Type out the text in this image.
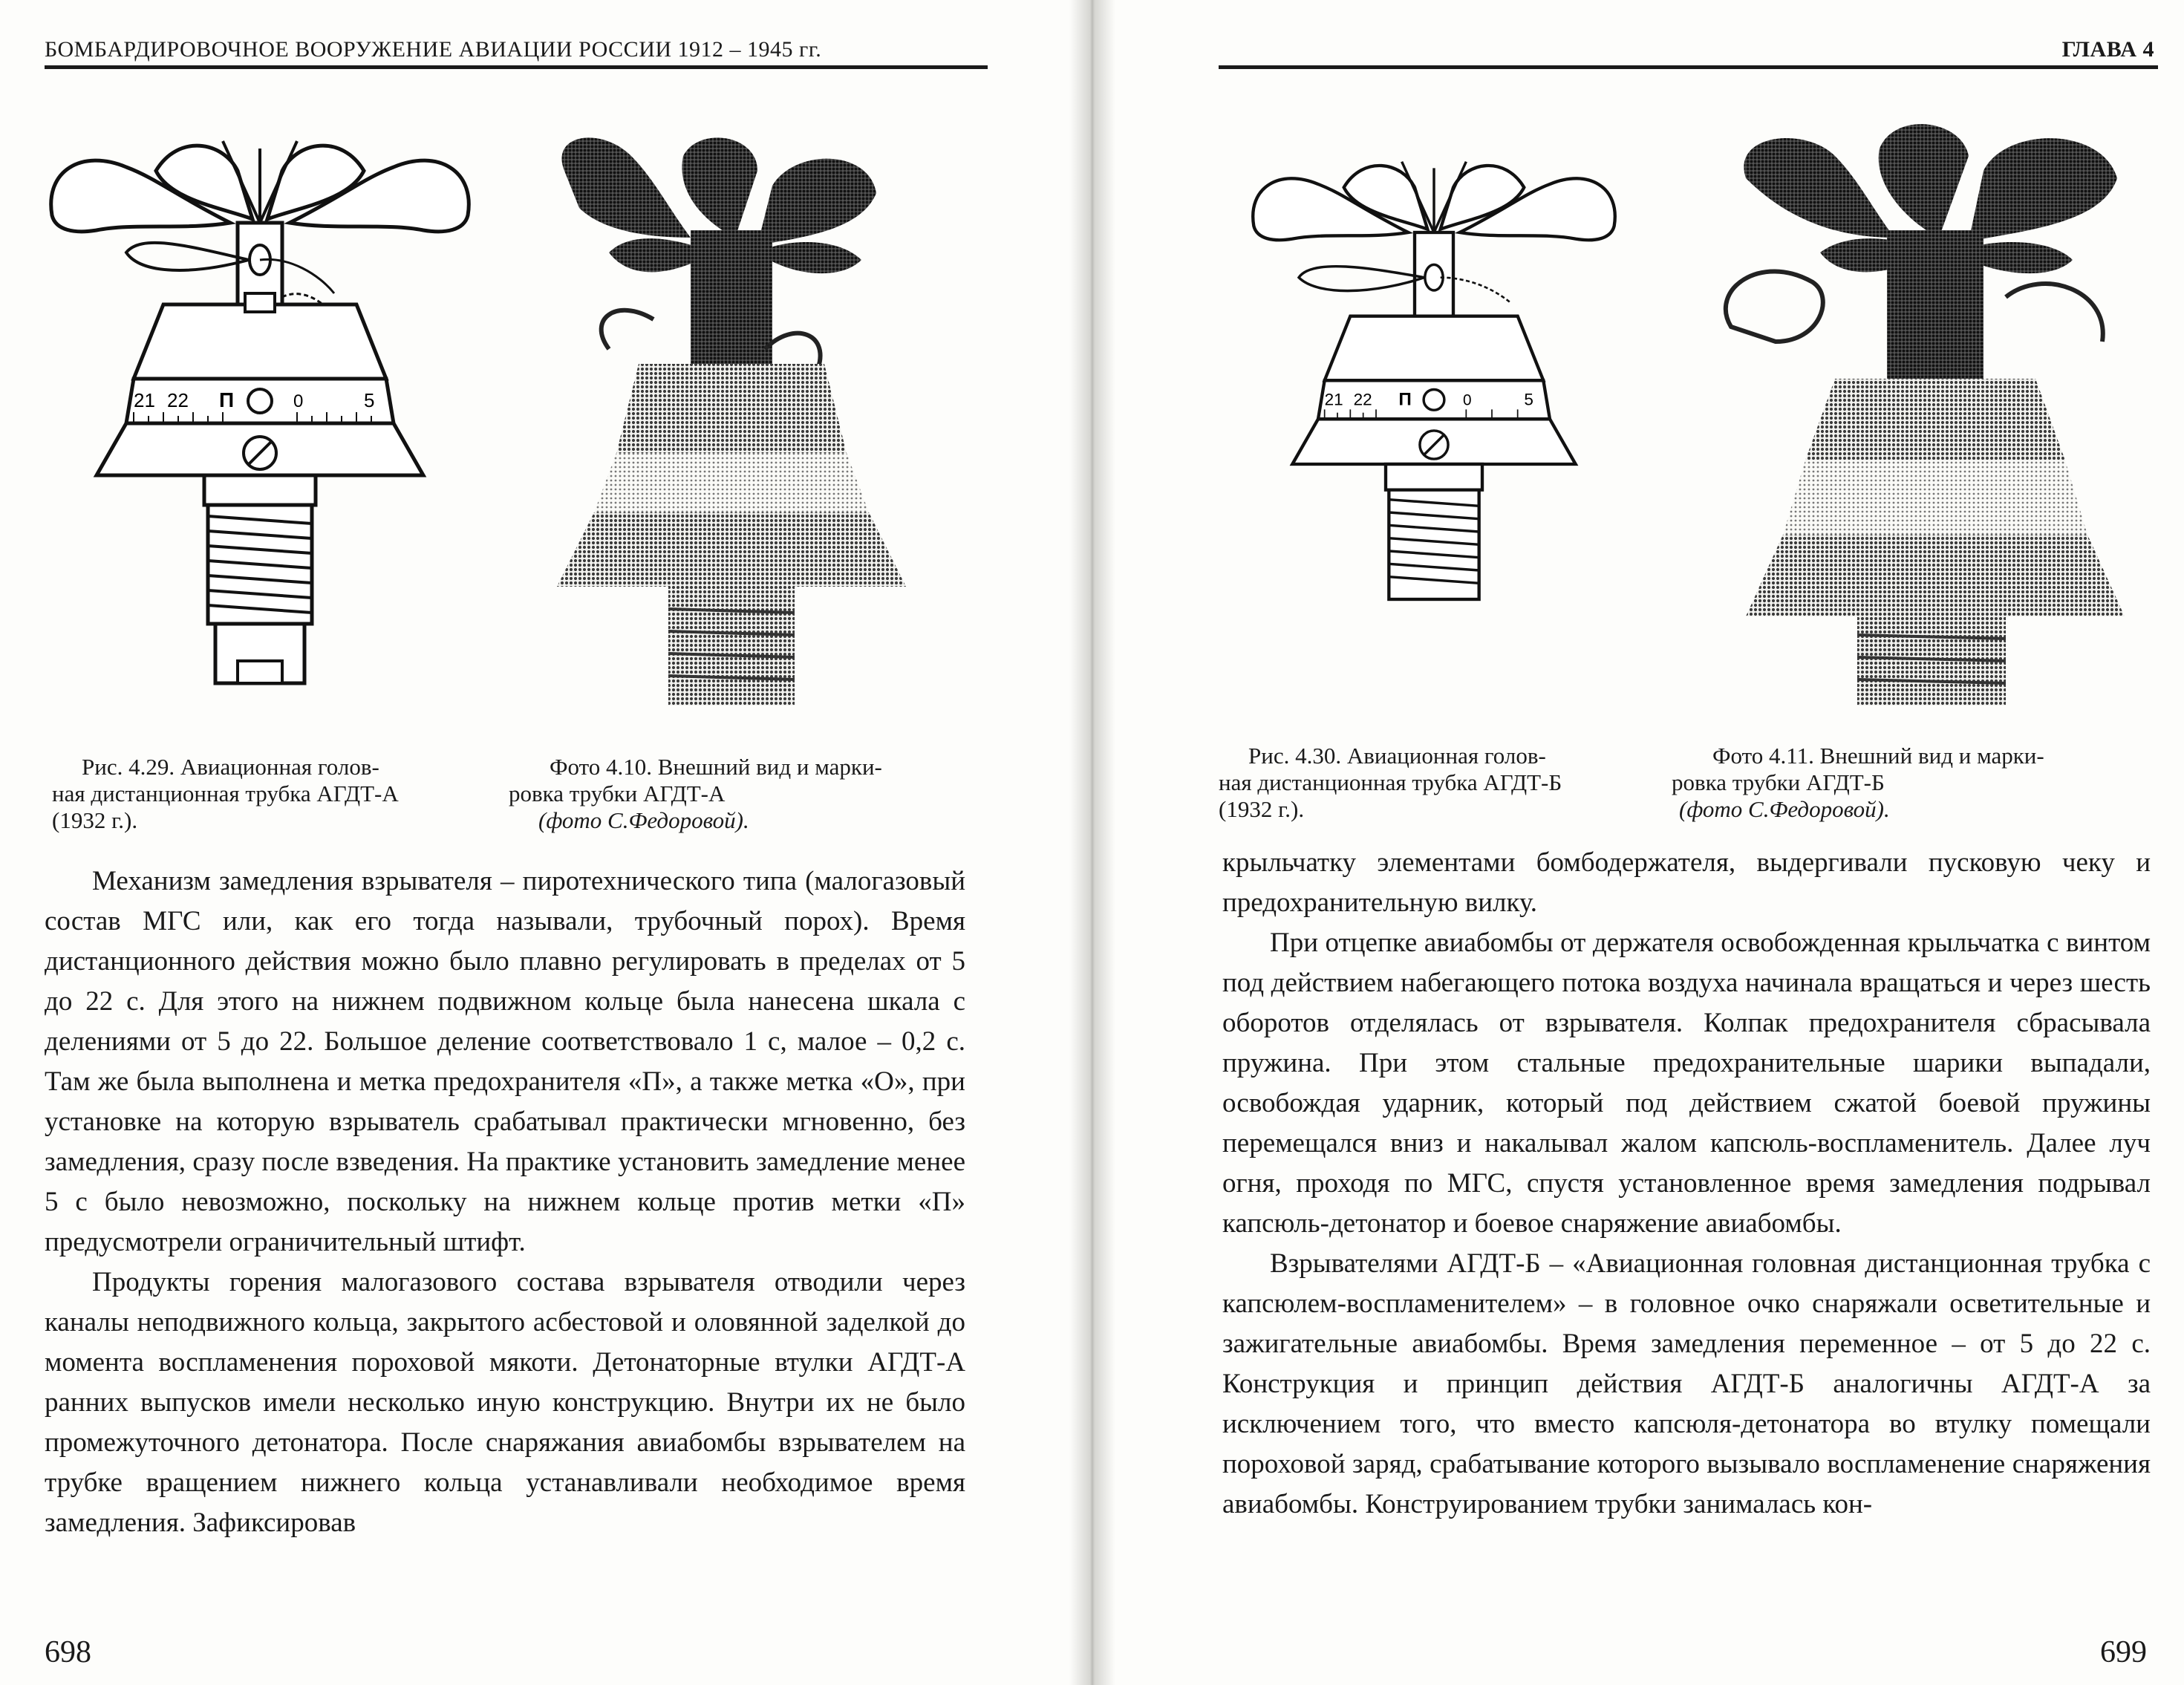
БОМБАРДИРОВОЧНОЕ ВООРУЖЕНИЕ АВИАЦИИ РОССИИ 1912 – 1945 гг.
21 22 П	0	5
Рис. 4.29. Авиационная голов-
ная дистанционная трубка АГДТ-А
(1932 г.).
Фото 4.10. Внешний вид и марки-
ровка трубки АГДТ-А
(фото С.Федоровой).

Механизм замедления взрывателя – пиротехнического типа (малогазовый состав МГС или, как его тогда называли, трубочный порох). Время дистанционного действия можно было плавно регулировать в пределах от 5 до 22 с. Для этого на нижнем подвижном кольце была нанесена шкала с делениями от 5 до 22. Большое деление соответствовало 1 с, малое – 0,2 с. Там же была выполнена и метка предохранителя «П», а также метка «О», при установке на которую взрыватель срабатывал практически мгновенно, без замедления, сразу после взведения. На практике установить замедление менее 5 с было невозможно, поскольку на нижнем кольце против метки «П» предусмотрели ограничительный штифт.

Продукты горения малогазового состава взрывателя отводили через каналы неподвижного кольца, закрытого асбестовой и оловянной заделкой до момента воспламенения пороховой мякоти. Детонаторные втулки АГДТ-А ранних выпусков имели несколько иную конструкцию. Внутри их не было промежуточного детонатора. После снаряжания авиабомбы взрывателем на трубке вращением нижнего кольца устанавливали необходимое время замедления. Зафиксировав

698
ГЛАВА 4
21 22 П	0	5
Рис. 4.30. Авиационная голов-
ная дистанционная трубка АГДТ-Б
(1932 г.).
Фото 4.11. Внешний вид и марки-
ровка трубки АГДТ-Б
(фото С.Федоровой).

крыльчатку элементами бомбодержателя, выдергивали пусковую чеку и предохранительную вилку.

При отцепке авиабомбы от держателя освобожденная крыльчатка с винтом под действием набегающего потока воздуха начинала вращаться и через шесть оборотов отделялась от взрывателя. Колпак предохранителя сбрасывала пружина. При этом стальные предохранительные шарики выпадали, освобождая ударник, который под действием сжатой боевой пружины перемещался вниз и накалывал жалом капсюль-воспламенитель. Далее луч огня, проходя по МГС, спустя установленное время замедления подрывал капсюль-детонатор и боевое снаряжение авиабомбы.

Взрывателями АГДТ-Б – «Авиационная головная дистанционная трубка с капсюлем-воспламенителем» – в головное очко снаряжали осветительные и зажигательные авиабомбы. Время замедления переменное – от 5 до 22 с. Конструкция и принцип действия АГДТ-Б аналогичны АГДТ-А за исключением того, что вместо капсюля-детонатора во втулку помещали пороховой заряд, срабатывание которого вызывало воспламенение снаряжения авиабомбы. Конструированием трубки занималась кон-

699
